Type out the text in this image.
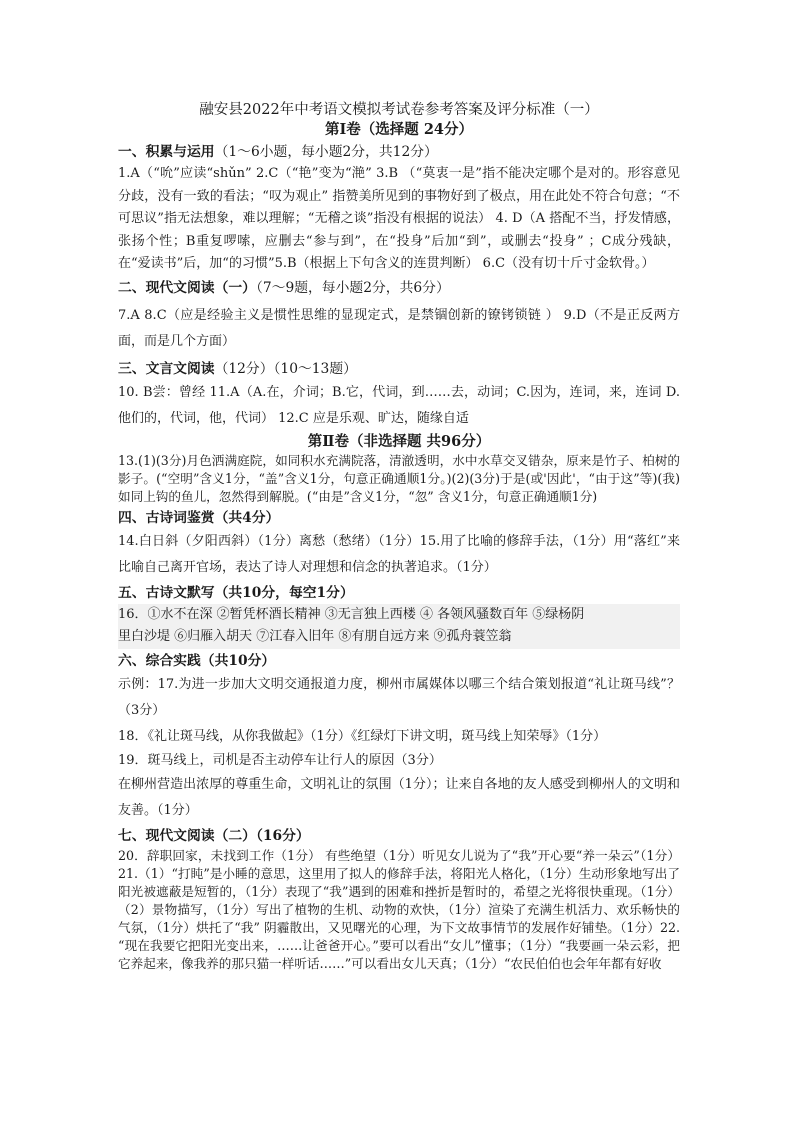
融安县2022年中考语文模拟考试卷参考答案及评分标准（一）
第Ⅰ卷（选择题 24分）
一、积累与运用（1～6小题，每小题2分，共12分）

1.A（“吮”应读“shǔn” 2.C（“艳”变为“滟” 3.B （“莫衷一是”指不能决定哪个是对的。形容意见分歧，没有一致的看法；“叹为观止” 指赞美所见到的事物好到了极点，用在此处不符合句意；“不可思议”指无法想象，难以理解；“无稽之谈”指没有根据的说法） 4. D（A 搭配不当，抒发情感，张扬个性；B重复啰嗦，应删去“参与到”，在“投身”后加“到”，或删去“投身” ；C成分残缺，在“爱读书”后，加“的习惯”5.B（根据上下句含义的连贯判断） 6.C（没有切十斤寸金软骨。）

二、现代文阅读（一）（7～9题，每小题2分，共6分）

7.A 8.C（应是经验主义是惯性思维的显现定式，是禁锢创新的镣铐锁链 ） 9.D（不是正反两方面，而是几个方面）

三、文言文阅读（12分）（10～13题）

10. B尝：曾经 11.A（A.在，介词；B.它，代词，到……去，动词；C.因为，连词，来，连词 D.他们的，代词，他，代词） 12.C 应是乐观、旷达，随缘自适

第Ⅱ卷（非选择题 共96分）

13.(1)(3分)月色洒满庭院，如同积水充满院落，清澈透明，水中水草交叉错杂，原来是竹子、柏树的影子。(“空明”含义1分，“盖”含义1分，句意正确通顺1分。)(2)(3分)于是(或'因此'，“由于这”等)(我)如同上钩的鱼儿，忽然得到解脱。(“由是”含义1分，“忽” 含义1分，句意正确通顺1分)

四、古诗词鉴赏（共4分）

14.白日斜（夕阳西斜）（1分）离愁（愁绪）（1分）15.用了比喻的修辞手法，（1分）用“落红”来比喻自己离开官场，表达了诗人对理想和信念的执著追求。（1分）

五、古诗文默写（共10分，每空1分）

16．①水不在深 ②暂凭杯酒长精神 ③无言独上西楼 ④ 各领风骚数百年 ⑤绿杨阴

里白沙堤 ⑥归雁入胡天 ⑦江春入旧年 ⑧有朋自远方来 ⑨孤舟蓑笠翁

六、综合实践（共10分）

示例：17.为进一步加大文明交通报道力度，柳州市属媒体以哪三个结合策划报道“礼让斑马线”？（3分）

18．《礼让斑马线，从你我做起》（1分）《红绿灯下讲文明，斑马线上知荣辱》（1分）

19．斑马线上，司机是否主动停车让行人的原因（3分）

在柳州营造出浓厚的尊重生命，文明礼让的氛围（1分）；让来自各地的友人感受到柳州人的文明和友善。（1分）

七、现代文阅读（二）（16分）

20．辞职回家，未找到工作（1分） 有些绝望（1分）听见女儿说为了“我”开心要“养一朵云”（1分）21.（1）“打盹”是小睡的意思，这里用了拟人的修辞手法，将阳光人格化，（1分）生动形象地写出了阳光被遮蔽是短暂的，（1分）表现了“我”遇到的困难和挫折是暂时的，希望之光将很快重现。（1分）（2）景物描写，（1分）写出了植物的生机、动物的欢快，（1分）渲染了充满生机活力、欢乐畅快的气氛，（1分）烘托了“我” 阴霾散出，又见曙光的心理，为下文故事情节的发展作好铺垫。（1分）22. “现在我要它把阳光变出来，……让爸爸开心。”要可以看出“女儿”懂事；（1分）“我要画一朵云彩，把它养起来，像我养的那只猫一样听话……”可以看出女儿天真；（1分）“农民伯伯也会年年都有好收
